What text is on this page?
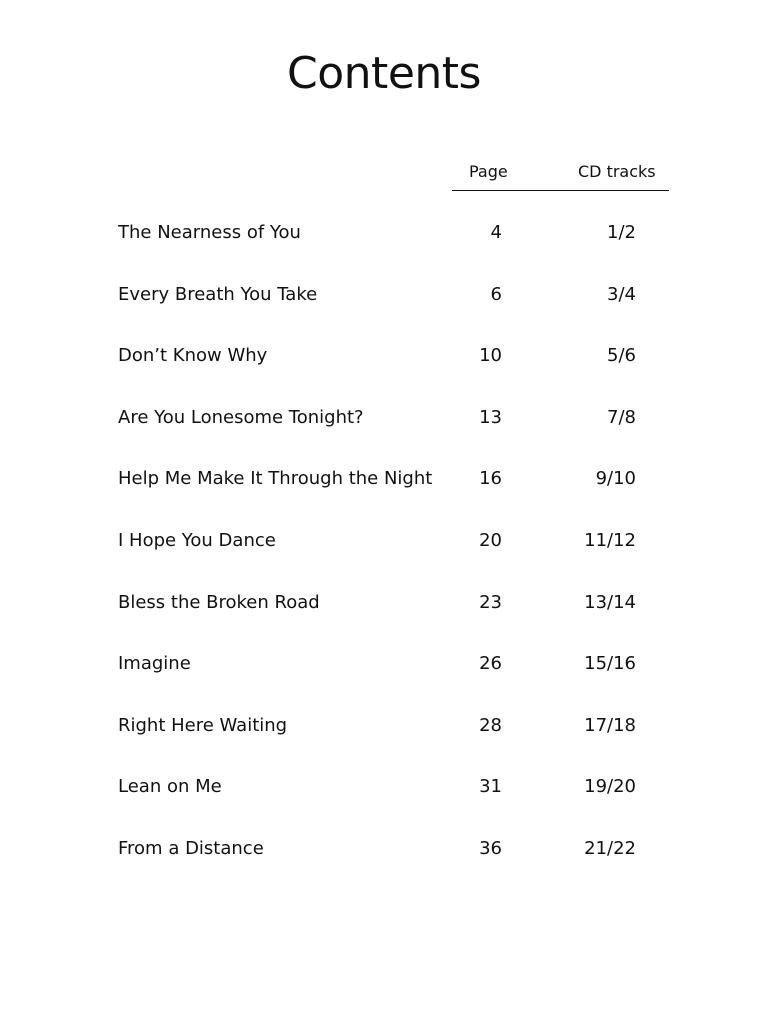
Contents
Page	CD tracks
The Nearness of You	4	1/2
Every Breath You Take	6	3/4
Don’t Know Why	10	5/6
Are You Lonesome Tonight?	13	7/8
Help Me Make It Through the Night	16	9/10
I Hope You Dance	20	11/12
Bless the Broken Road	23	13/14
Imagine	26	15/16
Right Here Waiting	28	17/18
Lean on Me	31	19/20
From a Distance	36	21/22
